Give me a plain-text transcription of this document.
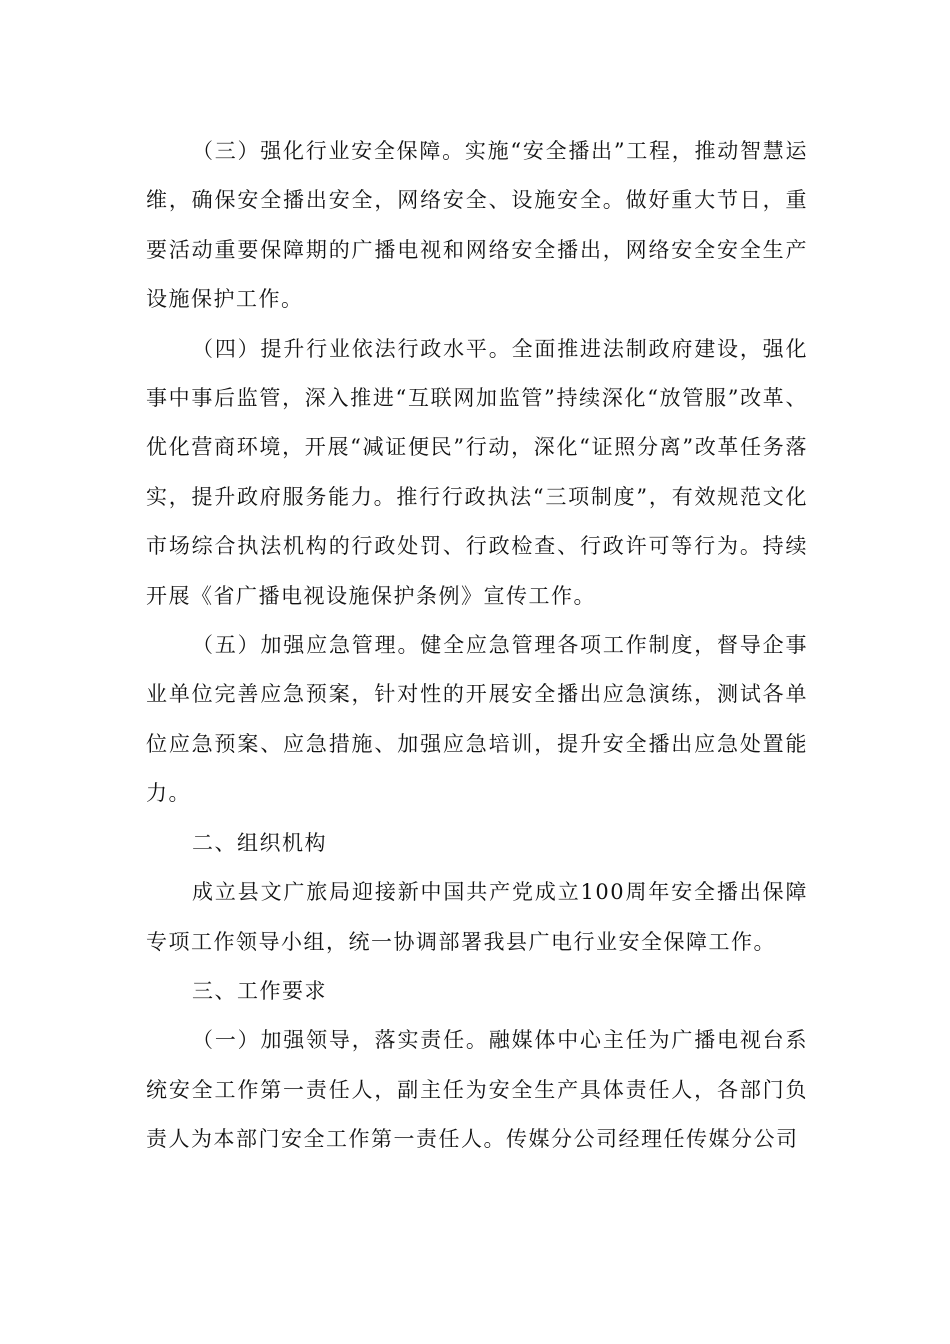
（三）强化行业安全保障。实施“安全播出”工程，推动智慧运维，确保安全播出安全，网络安全、设施安全。做好重大节日，重要活动重要保障期的广播电视和网络安全播出，网络安全安全生产设施保护工作。

（四）提升行业依法行政水平。全面推进法制政府建设，强化事中事后监管，深入推进“互联网加监管”持续深化“放管服”改革、优化营商环境，开展“减证便民”行动，深化“证照分离”改革任务落实，提升政府服务能力。推行行政执法“三项制度”，有效规范文化市场综合执法机构的行政处罚、行政检查、行政许可等行为。持续开展《省广播电视设施保护条例》宣传工作。

（五）加强应急管理。健全应急管理各项工作制度，督导企事业单位完善应急预案，针对性的开展安全播出应急演练，测试各单位应急预案、应急措施、加强应急培训，提升安全播出应急处置能力。

二、组织机构

成立县文广旅局迎接新中国共产党成立100周年安全播出保障专项工作领导小组，统一协调部署我县广电行业安全保障工作。

三、工作要求

（一）加强领导，落实责任。融媒体中心主任为广播电视台系统安全工作第一责任人，副主任为安全生产具体责任人，各部门负责人为本部门安全工作第一责任人。传媒分公司经理任传媒分公司
